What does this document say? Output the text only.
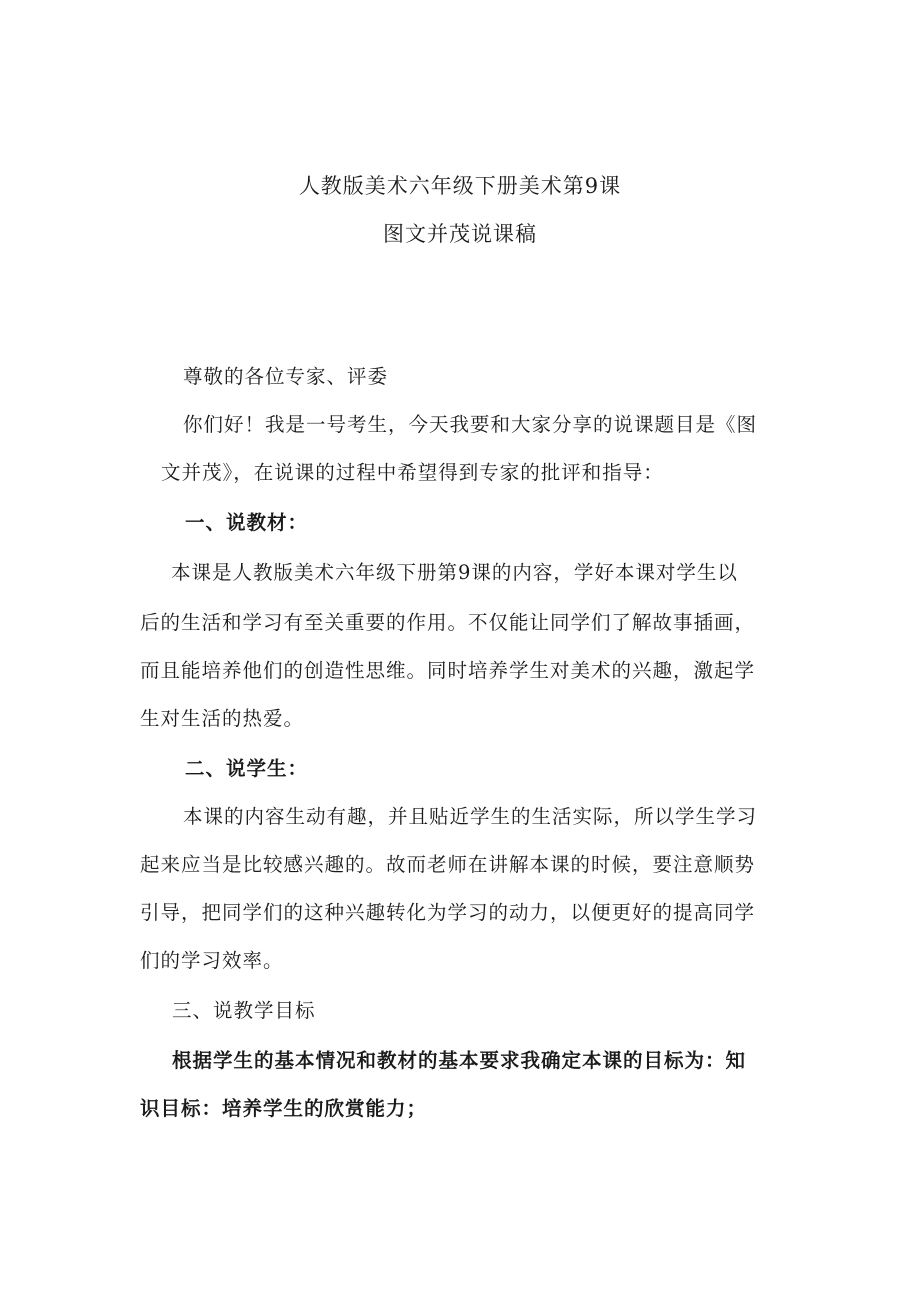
人教版美术六年级下册美术第9课
图文并茂说课稿
尊敬的各位专家、评委
你们好！我是一号考生，今天我要和大家分享的说课题目是《图
文并茂》，在说课的过程中希望得到专家的批评和指导：
一、说教材：
本课是人教版美术六年级下册第9课的内容，学好本课对学生以
后的生活和学习有至关重要的作用。不仅能让同学们了解故事插画，
而且能培养他们的创造性思维。同时培养学生对美术的兴趣，激起学
生对生活的热爱。
二、说学生：
本课的内容生动有趣，并且贴近学生的生活实际，所以学生学习
起来应当是比较感兴趣的。故而老师在讲解本课的时候，要注意顺势
引导，把同学们的这种兴趣转化为学习的动力，以便更好的提高同学
们的学习效率。
三、说教学目标
根据学生的基本情况和教材的基本要求我确定本课的目标为：知
识目标：培养学生的欣赏能力；
